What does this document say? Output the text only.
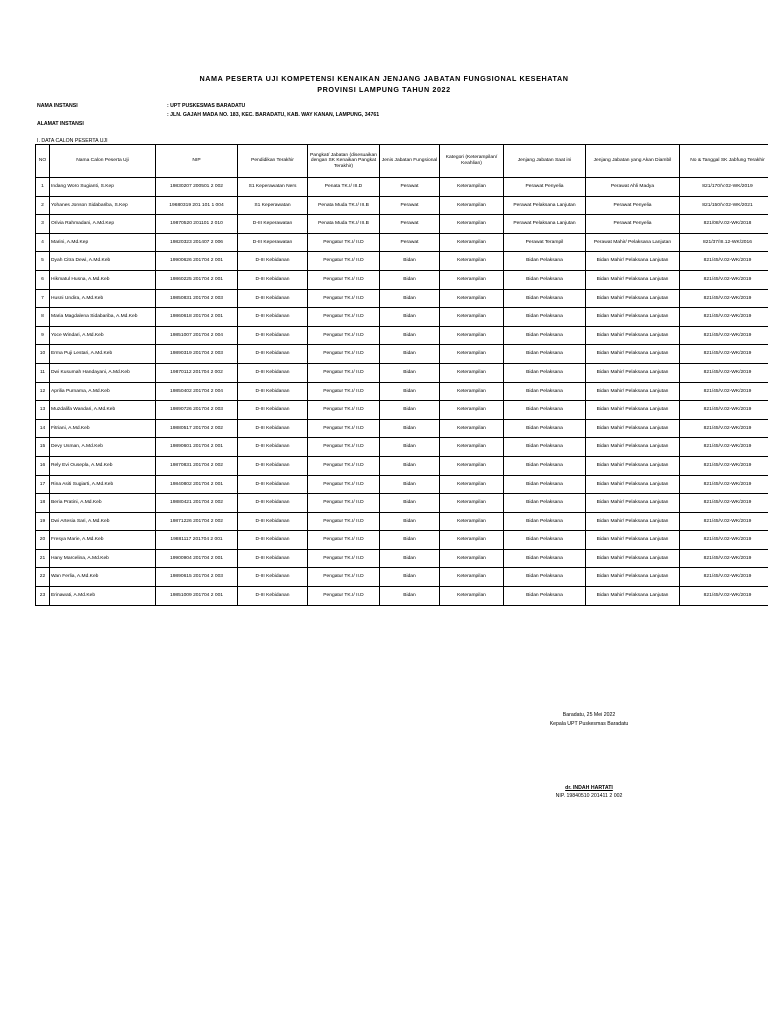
NAMA PESERTA UJI KOMPETENSI KENAIKAN JENJANG JABATAN FUNGSIONAL KESEHATAN
PROVINSI LAMPUNG TAHUN 2022
NAMA INSTANSI	: UPT PUSKESMAS BARADATU
: JLN. GAJAH MADA NO. 183, KEC. BARADATU, KAB. WAY KANAN, LAMPUNG, 34761
ALAMAT INSTANSI
I. DATA CALON PESERTA UJI
NO	Nama Calon Peserta Uji	NIP	Pendidikan Terakhir	Pangkat/ Jabatan (disesuaikan dengan SK Kenaikan Pangkat Terakhir)	Jenis Jabatan Fungsional	Kategori (Keterampilan/ Keahlian)	Jenjang Jabatan Saat ini	Jenjang Jabatan yang Akan Diambil	No & Tanggal SK Jabfung Terakhir
1	Indang Woro Sugianti, S.Kep	19830207 200501 2 002	S1 Keperawatan Ners	Penata TK.I/ III.D	Perawat	Keterampilan	Perawat Penyelia	Perawat Ahli Madya	821/170/V.02-WK/2019
2	Yohanes Jonson Sidabariba, S.Kep	19680319 201 101 1 004	S1 Keperawatan	Penata Muda TK.I/ III.B	Perawat	Keterampilan	Perawat Pelaksana Lanjutan	Perawat Penyelia	821/150/V.02-WK/2021
3	Orivia Rahmadani, A.Md.Kep	19870520 201101 2 010	D-III Keperawatan	Penata Muda TK.I/ III.B	Perawat	Keterampilan	Perawat Pelaksana Lanjutan	Perawat Penyelia	821/08/V.02-WK/2018
4	Marini, A.Md.Kep	19820323 201407 2 006	D-III Keperawatan	Pengatur TK.I/ II.D	Perawat	Keterampilan	Perawat Terampil	Perawat Mahir/ Pelaksana Lanjutan	821/37/III.12-WK/2016
5	Dyah Citra Dewi, A.Md.Keb	19900626 201704 2 001	D-III Kebidanan	Pengatur TK.I/ II.D	Bidan	Keterampilan	Bidan Pelaksana	Bidan Mahir/ Pelaksana Lanjutan	821/45/V.02-WK/2019
6	Hikmatul Husna, A.Md.Keb	19860225 201704 2 001	D-III Kebidanan	Pengatur TK.I/ II.D	Bidan	Keterampilan	Bidan Pelaksana	Bidan Mahir/ Pelaksana Lanjutan	821/45/V.02-WK/2019
7	Husni Undira, A.Md.Keb	19850831 201704 2 003	D-III Kebidanan	Pengatur TK.I/ II.D	Bidan	Keterampilan	Bidan Pelaksana	Bidan Mahir/ Pelaksana Lanjutan	821/45/V.02-WK/2019
8	Maria Magdalena Sidabariba, A.Md.Keb	19860618 201704 2 001	D-III Kebidanan	Pengatur TK.I/ II.D	Bidan	Keterampilan	Bidan Pelaksana	Bidan Mahir/ Pelaksana Lanjutan	821/45/V.02-WK/2019
9	Yoce Windari, A.Md.Keb	19851007 201704 2 004	D-III Kebidanan	Pengatur TK.I/ II.D	Bidan	Keterampilan	Bidan Pelaksana	Bidan Mahir/ Pelaksana Lanjutan	821/45/V.02-WK/2019
10	Erma Puji Lestari, A.Md.Keb	19890319 201704 2 003	D-III Kebidanan	Pengatur TK.I/ II.D	Bidan	Keterampilan	Bidan Pelaksana	Bidan Mahir/ Pelaksana Lanjutan	821/45/V.02-WK/2019
11	Dwi Kusumah Handayani, A.Md.Keb	19870112 201704 2 002	D-III Kebidanan	Pengatur TK.I/ II.D	Bidan	Keterampilan	Bidan Pelaksana	Bidan Mahir/ Pelaksana Lanjutan	821/45/V.02-WK/2019
12	Aprilia Purnama, A.Md.Keb	19850402 201704 2 004	D-III Kebidanan	Pengatur TK.I/ II.D	Bidan	Keterampilan	Bidan Pelaksana	Bidan Mahir/ Pelaksana Lanjutan	821/45/V.02-WK/2019
13	Muzdalifa Wandari, A.Md.Keb	19890726 201704 2 003	D-III Kebidanan	Pengatur TK.I/ II.D	Bidan	Keterampilan	Bidan Pelaksana	Bidan Mahir/ Pelaksana Lanjutan	821/45/V.02-WK/2019
14	Fitriani, A.Md.Keb	19880517 201704 2 002	D-III Kebidanan	Pengatur TK.I/ II.D	Bidan	Keterampilan	Bidan Pelaksana	Bidan Mahir/ Pelaksana Lanjutan	821/45/V.02-WK/2019
15	Devy Usman, A.Md.Keb	19890601 201704 2 001	D-III Kebidanan	Pengatur TK.I/ II.D	Bidan	Keterampilan	Bidan Pelaksana	Bidan Mahir/ Pelaksana Lanjutan	821/45/V.02-WK/2019
16	Rely Evi Ousepla, A.Md.Keb	19870831 201704 2 002	D-III Kebidanan	Pengatur TK.I/ II.D	Bidan	Keterampilan	Bidan Pelaksana	Bidan Mahir/ Pelaksana Lanjutan	821/45/V.02-WK/2019
17	Rina Asiti Sugiarti, A.Md.Keb	19840802 201704 2 001	D-III Kebidanan	Pengatur TK.I/ II.D	Bidan	Keterampilan	Bidan Pelaksana	Bidan Mahir/ Pelaksana Lanjutan	821/45/V.02-WK/2019
18	Beria Pratini, A.Md.Keb	19880421 201704 2 002	D-III Kebidanan	Pengatur TK.I/ II.D	Bidan	Keterampilan	Bidan Pelaksana	Bidan Mahir/ Pelaksana Lanjutan	821/45/V.02-WK/2019
19	Dwi Artesia Sari, A.Md.Keb	19871226 201704 2 002	D-III Kebidanan	Pengatur TK.I/ II.D	Bidan	Keterampilan	Bidan Pelaksana	Bidan Mahir/ Pelaksana Lanjutan	821/45/V.02-WK/2019
20	Fresya Marie, A.Md.Keb	19881117 201704 2 001	D-III Kebidanan	Pengatur TK.I/ II.D	Bidan	Keterampilan	Bidan Pelaksana	Bidan Mahir/ Pelaksana Lanjutan	821/45/V.02-WK/2019
21	Hany Marcelina, A.Md.Keb	19900904 201704 2 001	D-III Kebidanan	Pengatur TK.I/ II.D	Bidan	Keterampilan	Bidan Pelaksana	Bidan Mahir/ Pelaksana Lanjutan	821/45/V.02-WK/2019
22	Wan Ferlia, A.Md.Keb	19890615 201704 2 003	D-III Kebidanan	Pengatur TK.I/ II.D	Bidan	Keterampilan	Bidan Pelaksana	Bidan Mahir/ Pelaksana Lanjutan	821/45/V.02-WK/2019
23	Erinawati, A.Md.Keb	19851009 201704 2 001	D-III Kebidanan	Pengatur TK.I/ II.D	Bidan	Keterampilan	Bidan Pelaksana	Bidan Mahir/ Pelaksana Lanjutan	821/45/V.02-WK/2019
Baradatu, 25 Mei 2022
Kepala UPT Puskesmas Baradatu
dr. INDAH HARTATI
NIP. 19840510 201411 2 002
